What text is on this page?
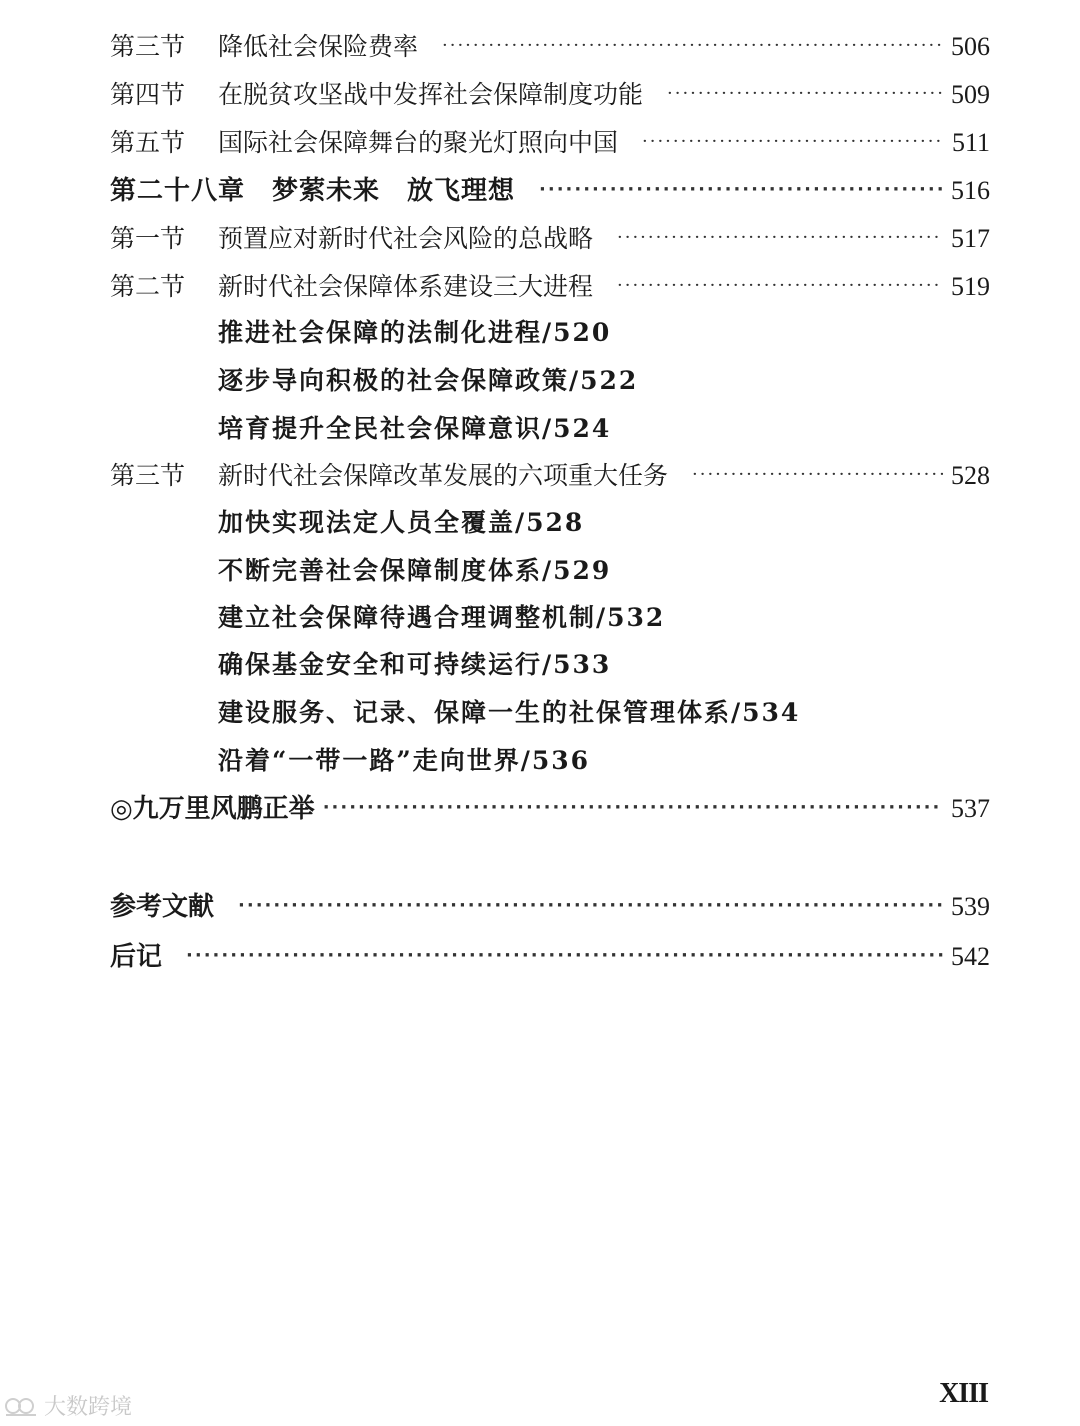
第三节 降低社会保险费率 ·····	506
第四节 在脱贫攻坚战中发挥社会保障制度功能 ·····	509
第五节 国际社会保障舞台的聚光灯照向中国 ·····	511
第二十八章　梦萦未来　放飞理想 ·····	516
第一节 预置应对新时代社会风险的总战略 ·····	517
第二节 新时代社会保障体系建设三大进程 ·····	519
推进社会保障的法制化进程/520
逐步导向积极的社会保障政策/522
培育提升全民社会保障意识/524
第三节 新时代社会保障改革发展的六项重大任务 ·····	528
加快实现法定人员全覆盖/528
不断完善社会保障制度体系/529
建立社会保障待遇合理调整机制/532
确保基金安全和可持续运行/533
建设服务、记录、保障一生的社保管理体系/534
沿着“一带一路”走向世界/536
◎九万里风鹏正举 ·····	537
参考文献 ·····	539
后记 ·····	542
XIII
大数跨境
